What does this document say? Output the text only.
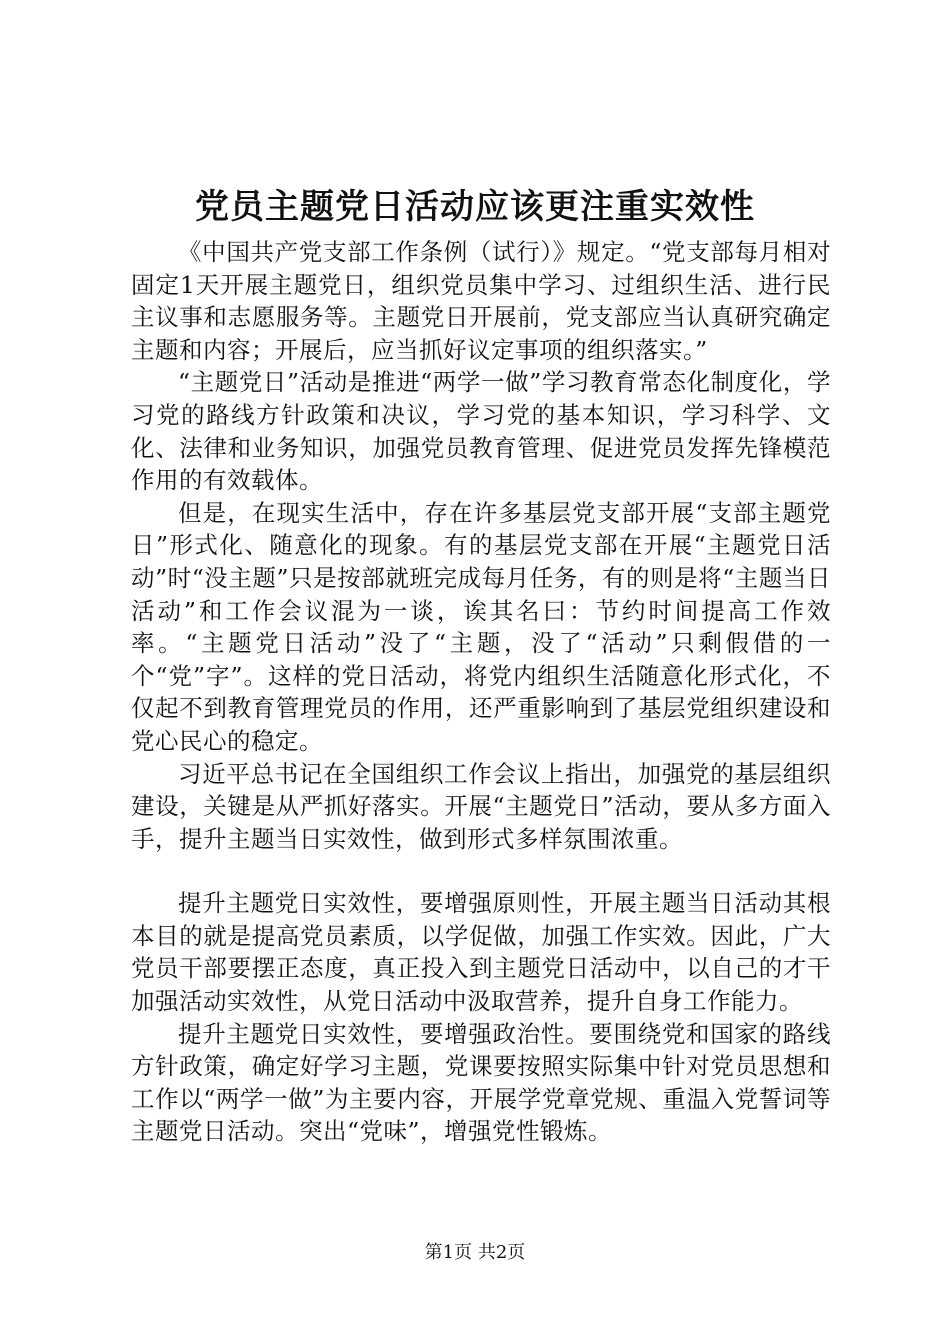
党员主题党日活动应该更注重实效性

《中国共产党支部工作条例（试行）》规定。“党支部每月相对固定1天开展主题党日，组织党员集中学习、过组织生活、进行民主议事和志愿服务等。主题党日开展前，党支部应当认真研究确定主题和内容；开展后，应当抓好议定事项的组织落实。”

“主题党日”活动是推进“两学一做”学习教育常态化制度化，学习党的路线方针政策和决议，学习党的基本知识，学习科学、文化、法律和业务知识，加强党员教育管理、促进党员发挥先锋模范作用的有效载体。

但是，在现实生活中，存在许多基层党支部开展“支部主题党日”形式化、随意化的现象。有的基层党支部在开展“主题党日活动”时“没主题”只是按部就班完成每月任务，有的则是将“主题当日活动”和工作会议混为一谈，诶其名曰：节约时间提高工作效率。“主题党日活动”没了“主题，没了“活动”只剩假借的一个“党”字”。这样的党日活动，将党内组织生活随意化形式化，不仅起不到教育管理党员的作用，还严重影响到了基层党组织建设和党心民心的稳定。

习近平总书记在全国组织工作会议上指出，加强党的基层组织建设，关键是从严抓好落实。开展“主题党日”活动，要从多方面入手，提升主题当日实效性，做到形式多样氛围浓重。

提升主题党日实效性，要增强原则性，开展主题当日活动其根本目的就是提高党员素质，以学促做，加强工作实效。因此，广大党员干部要摆正态度，真正投入到主题党日活动中，以自己的才干加强活动实效性，从党日活动中汲取营养，提升自身工作能力。

提升主题党日实效性，要增强政治性。要围绕党和国家的路线方针政策，确定好学习主题，党课要按照实际集中针对党员思想和工作以“两学一做”为主要内容，开展学党章党规、重温入党誓词等主题党日活动。突出“党味”，增强党性锻炼。

第1页 共2页
